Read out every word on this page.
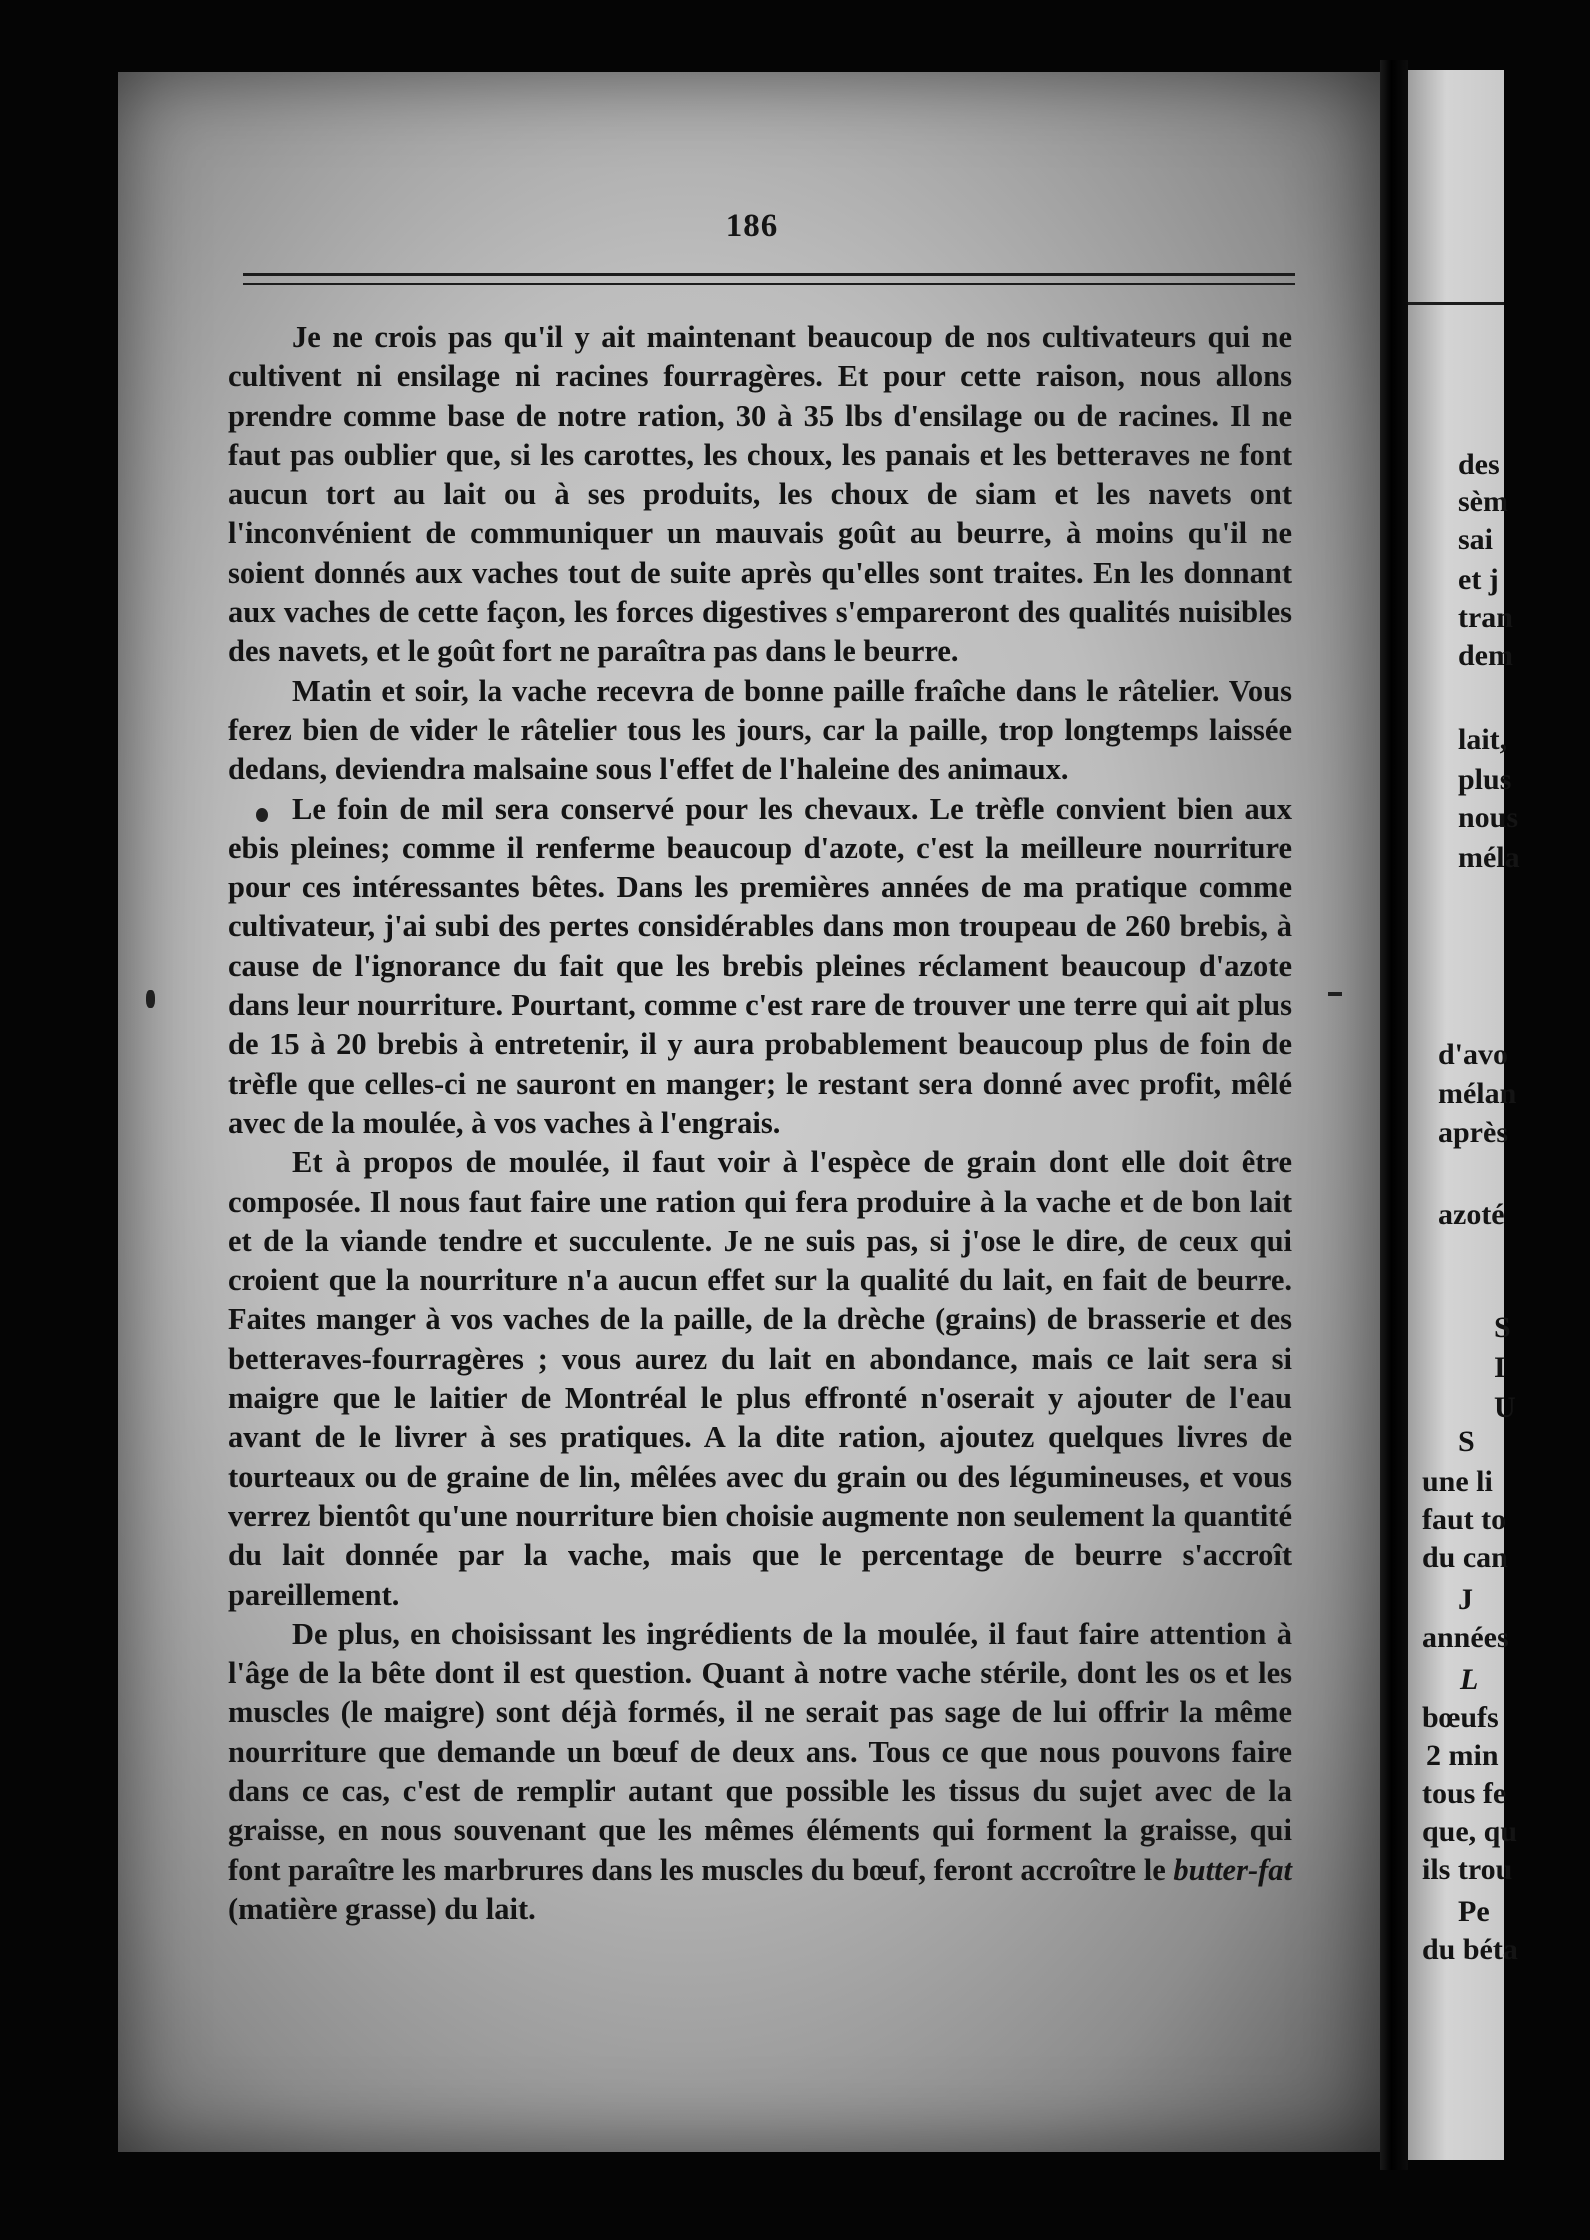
des
sèm
sai
et j
tran
dem
lait,
plus
nous
méla
d'avo
mélan
après
azoté
S
I
U
S
une li
faut to
du can
J
années
L
bœufs
2 min
tous fe
que, qu
ils trou
Pe
du béta
186

Je ne crois pas qu'il y ait maintenant beaucoup de nos cultivateurs qui ne cultivent ni ensilage ni racines fourragères. Et pour cette raison, nous allons prendre comme base de notre ration, 30 à 35 lbs d'ensilage ou de racines. Il ne faut pas oublier que, si les carottes, les choux, les panais et les betteraves ne font aucun tort au lait ou à ses produits, les choux de siam et les navets ont l'inconvénient de communiquer un mauvais goût au beurre, à moins qu'il ne soient donnés aux vaches tout de suite après qu'elles sont traites. En les donnant aux vaches de cette façon, les forces digestives s'empareront des qualités nuisibles des navets, et le goût fort ne paraîtra pas dans le beurre.

Matin et soir, la vache recevra de bonne paille fraîche dans le râtelier. Vous ferez bien de vider le râtelier tous les jours, car la paille, trop longtemps laissée dedans, deviendra malsaine sous l'effet de l'haleine des animaux.

Le foin de mil sera conservé pour les chevaux. Le trèfle convient bien aux ebis pleines; comme il renferme beaucoup d'azote, c'est la meilleure nourriture pour ces intéressantes bêtes. Dans les premières années de ma pratique comme cultivateur, j'ai subi des pertes considérables dans mon troupeau de 260 brebis, à cause de l'ignorance du fait que les brebis pleines réclament beaucoup d'azote dans leur nourriture. Pourtant, comme c'est rare de trouver une terre qui ait plus de 15 à 20 brebis à entretenir, il y aura probablement beaucoup plus de foin de trèfle que celles-ci ne sauront en manger; le restant sera donné avec profit, mêlé avec de la moulée, à vos vaches à l'engrais.

Et à propos de moulée, il faut voir à l'espèce de grain dont elle doit être composée. Il nous faut faire une ration qui fera produire à la vache et de bon lait et de la viande tendre et succulente. Je ne suis pas, si j'ose le dire, de ceux qui croient que la nourriture n'a aucun effet sur la qualité du lait, en fait de beurre. Faites manger à vos vaches de la paille, de la drèche (grains) de brasserie et des betteraves-fourragères ; vous aurez du lait en abondance, mais ce lait sera si maigre que le laitier de Montréal le plus effronté n'oserait y ajouter de l'eau avant de le livrer à ses pratiques. A la dite ration, ajoutez quelques livres de tourteaux ou de graine de lin, mêlées avec du grain ou des légumineuses, et vous verrez bientôt qu'une nourriture bien choisie augmente non seulement la quantité du lait donnée par la vache, mais que le percentage de beurre s'accroît pareillement.

De plus, en choisissant les ingrédients de la moulée, il faut faire attention à l'âge de la bête dont il est question. Quant à notre vache stérile, dont les os et les muscles (le maigre) sont déjà formés, il ne serait pas sage de lui offrir la même nourriture que demande un bœuf de deux ans. Tous ce que nous pouvons faire dans ce cas, c'est de remplir autant que possible les tissus du sujet avec de la graisse, en nous souvenant que les mêmes éléments qui forment la graisse, qui font paraître les marbrures dans les muscles du bœuf, feront accroître le butter-fat (matière grasse) du lait.
